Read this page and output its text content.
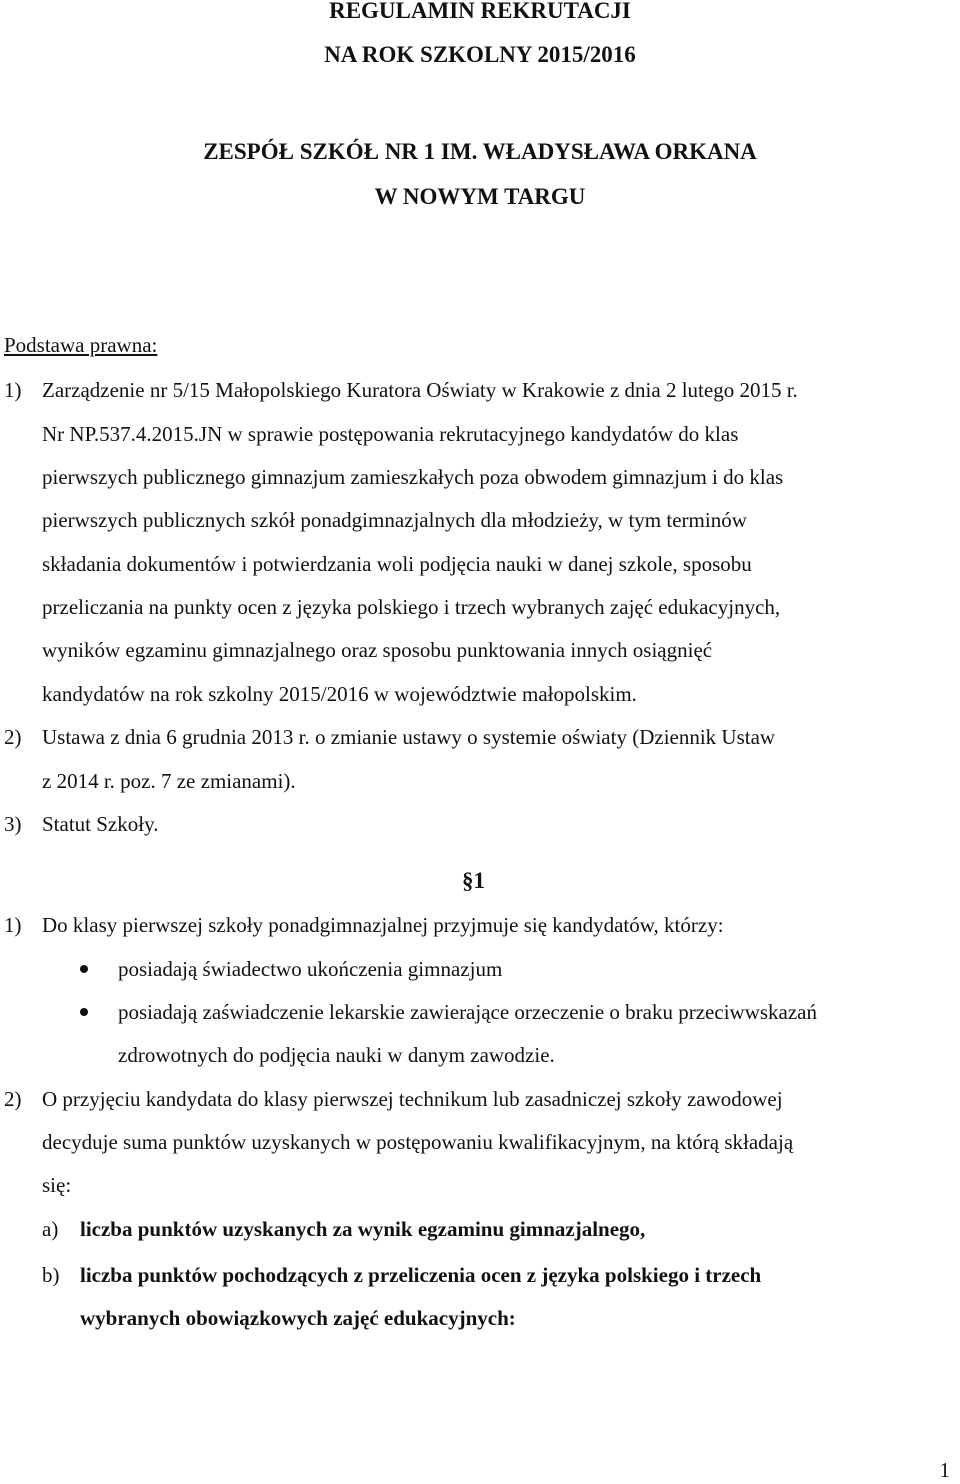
REGULAMIN REKRUTACJI
NA ROK SZKOLNY 2015/2016
ZESPÓŁ SZKÓŁ NR 1 IM. WŁADYSŁAWA ORKANA
W NOWYM TARGU
Podstawa prawna:
1) Zarządzenie nr 5/15 Małopolskiego Kuratora Oświaty w Krakowie z dnia 2 lutego 2015 r.
Nr NP.537.4.2015.JN w sprawie postępowania rekrutacyjnego kandydatów do klas
pierwszych publicznego gimnazjum zamieszkałych poza obwodem gimnazjum i do klas
pierwszych publicznych szkół ponadgimnazjalnych dla młodzieży, w tym terminów
składania dokumentów i potwierdzania woli podjęcia nauki w danej szkole, sposobu
przeliczania na punkty ocen z języka polskiego i trzech wybranych zajęć edukacyjnych,
wyników egzaminu gimnazjalnego oraz sposobu punktowania innych osiągnięć
kandydatów na rok szkolny 2015/2016 w województwie małopolskim.
2) Ustawa z dnia 6 grudnia 2013 r. o zmianie ustawy o systemie oświaty (Dziennik Ustaw
z 2014 r. poz. 7 ze zmianami).
3) Statut Szkoły.
§1
1) Do klasy pierwszej szkoły ponadgimnazjalnej przyjmuje się kandydatów, którzy:
posiadają świadectwo ukończenia gimnazjum
posiadają zaświadczenie lekarskie zawierające orzeczenie o braku przeciwwskazań
zdrowotnych do podjęcia nauki w danym zawodzie.
2) O przyjęciu kandydata do klasy pierwszej technikum lub zasadniczej szkoły zawodowej
decyduje suma punktów uzyskanych w postępowaniu kwalifikacyjnym, na którą składają
się:
a) liczba punktów uzyskanych za wynik egzaminu gimnazjalnego,
b) liczba punktów pochodzących z przeliczenia ocen z języka polskiego i trzech
wybranych obowiązkowych zajęć edukacyjnych:
1
